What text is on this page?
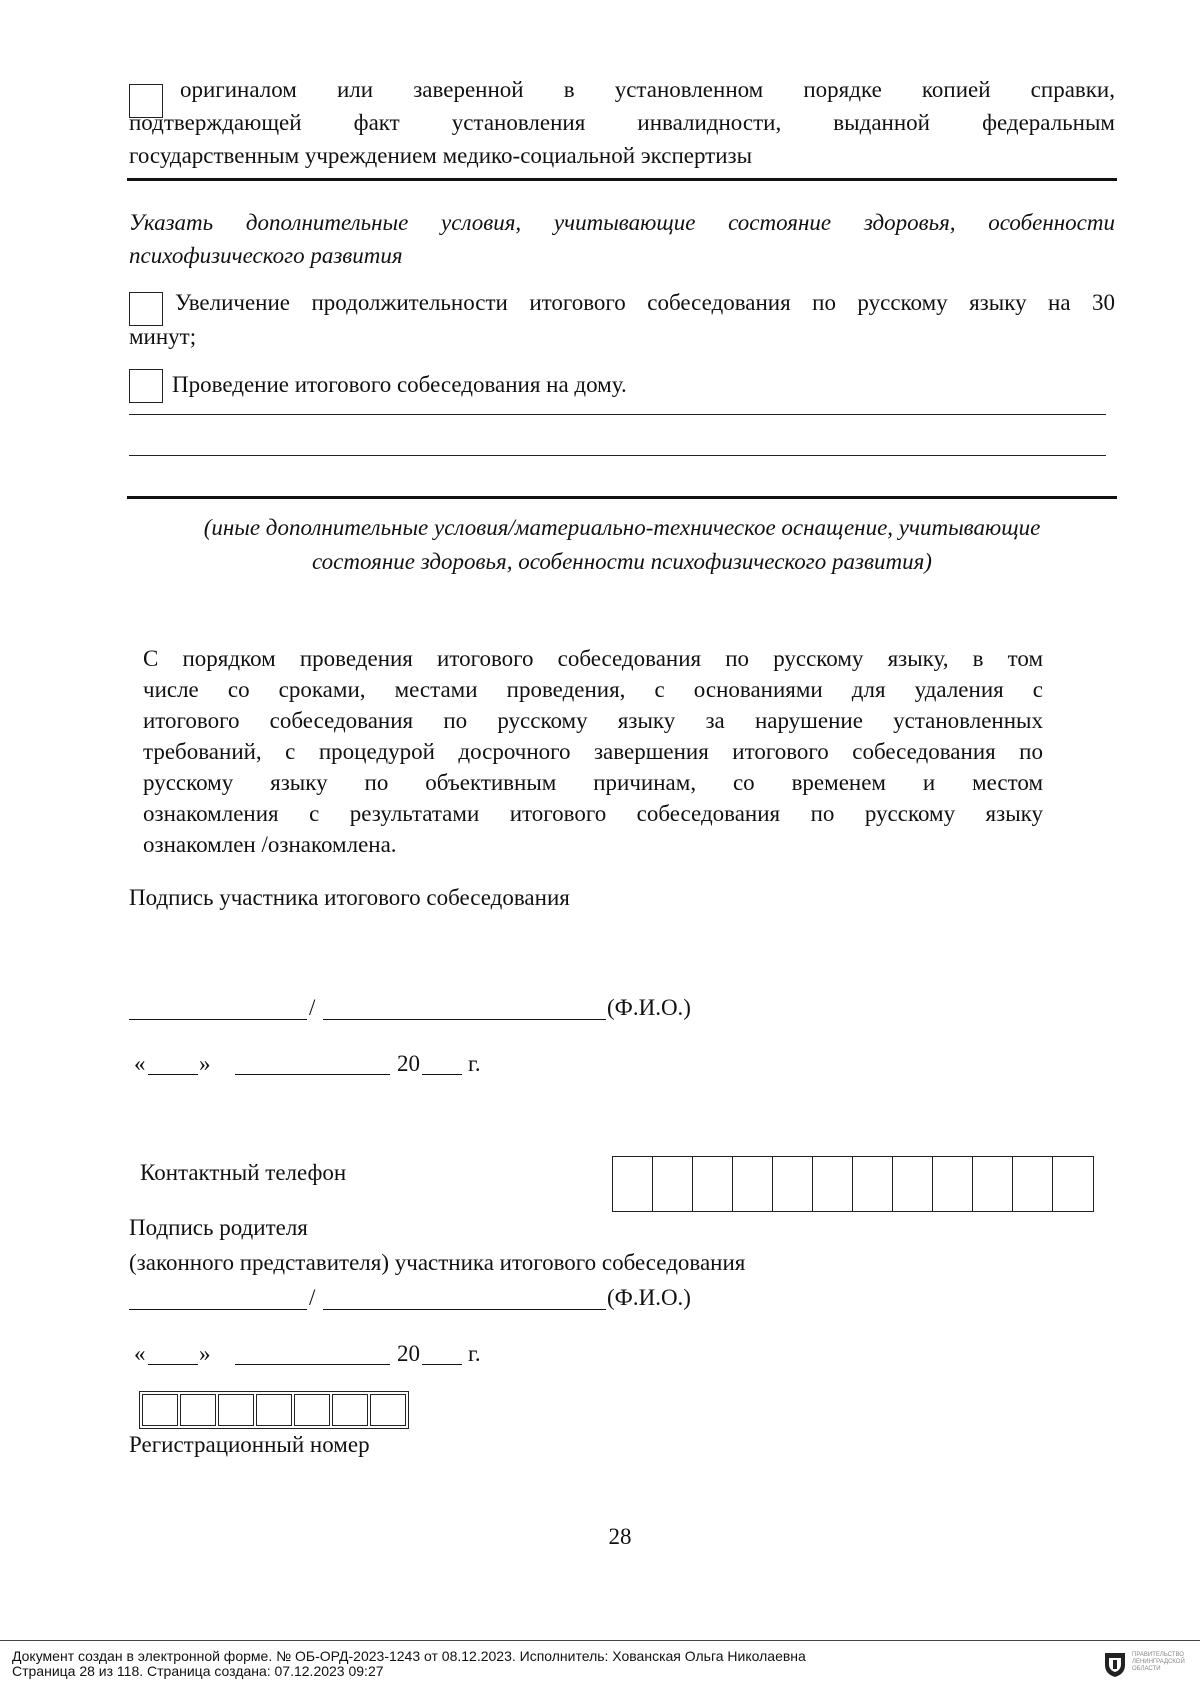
оригиналом или заверенной в установленном порядке копией справки,
подтверждающей факт установления инвалидности, выданной федеральным
государственным учреждением медико-социальной экспертизы
Указать дополнительные условия, учитывающие состояние здоровья, особенности
психофизического развития
Увеличение продолжительности итогового собеседования по русскому языку на 30
минут;
Проведение итогового собеседования на дому.
(иные дополнительные условия/материально-техническое оснащение, учитывающие
состояние здоровья, особенности психофизического развития)
С порядком проведения итогового собеседования по русскому языку, в том
числе со сроками, местами проведения, с основаниями для удаления с
итогового собеседования по русскому языку за нарушение установленных
требований, с процедурой досрочного завершения итогового собеседования по
русскому языку по объективным причинам, со временем и местом
ознакомления с результатами итогового собеседования по русскому языку
ознакомлен /ознакомлена.
Подпись участника итогового собеседования
/	(Ф.И.О.)
« »	20 г.
Контактный телефон
Подпись родителя
(законного представителя) участника итогового собеседования
/	(Ф.И.О.)
« »	20 г.
Регистрационный номер
28
Документ создан в электронной форме. № ОБ-ОРД-2023-1243 от 08.12.2023. Исполнитель: Хованская Ольга Николаевна
Страница 28 из 118. Страница создана: 07.12.2023 09:27
ПРАВИТЕЛЬСТВО ЛЕНИНГРАДСКОЙ ОБЛАСТИ
